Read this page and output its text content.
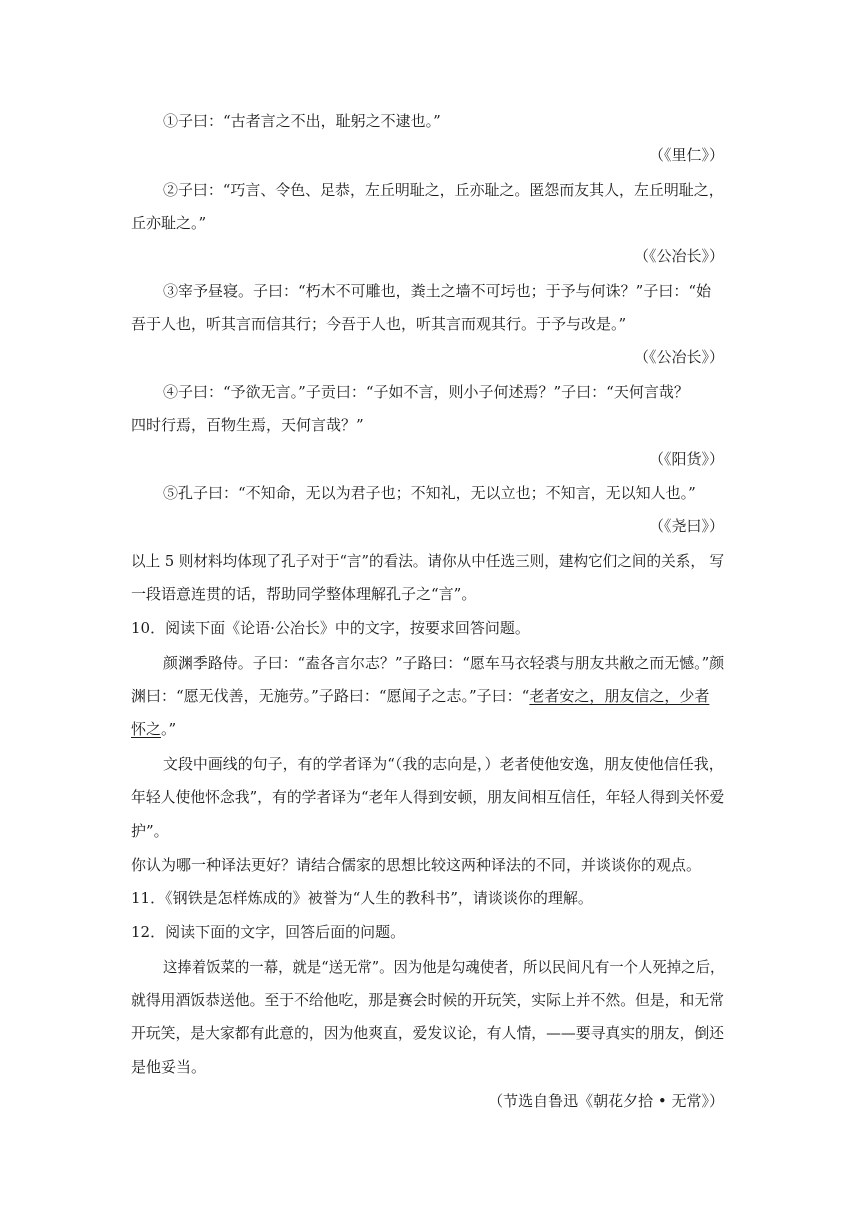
①子曰：“古者言之不出，耻躬之不逮也。”
（《里仁》）
②子曰：“巧言、令色、足恭，左丘明耻之，丘亦耻之。匿怨而友其人，左丘明耻之，
丘亦耻之。”
（《公冶长》）
③宰予昼寝。子曰：“朽木不可雕也，粪土之墙不可圬也；于予与何诛？”子曰：“始
吾于人也，听其言而信其行；今吾于人也，听其言而观其行。于予与改是。”
（《公冶长》）
④子曰：“予欲无言。”子贡曰：“子如不言，则小子何述焉？”子曰：“天何言哉？
四时行焉，百物生焉，天何言哉？”
（《阳货》）
⑤孔子曰：“不知命，无以为君子也；不知礼，无以立也；不知言，无以知人也。”
（《尧曰》）
以上 5 则材料均体现了孔子对于“言”的看法。请你从中任选三则，建构它们之间的关系， 写
一段语意连贯的话，帮助同学整体理解孔子之“言”。
10．阅读下面《论语·公冶长》中的文字，按要求回答问题。
颜渊季路侍。子曰：“盍各言尔志？”子路曰：“愿车马衣轻裘与朋友共敝之而无憾。”颜
渊曰：“愿无伐善，无施劳。”子路曰：“愿闻子之志。”子曰：“老者安之，朋友信之，少者
怀之。”
文段中画线的句子，有的学者译为“（我的志向是，）老者使他安逸，朋友使他信任我，
年轻人使他怀念我”，有的学者译为“老年人得到安顿，朋友间相互信任，年轻人得到关怀爱
护”。
你认为哪一种译法更好？请结合儒家的思想比较这两种译法的不同，并谈谈你的观点。
11．《钢铁是怎样炼成的》被誉为“人生的教科书”，请谈谈你的理解。
12．阅读下面的文字，回答后面的问题。
这捧着饭菜的一幕，就是“送无常”。因为他是勾魂使者，所以民间凡有一个人死掉之后，
就得用酒饭恭送他。至于不给他吃，那是赛会时候的开玩笑，实际上并不然。但是，和无常
开玩笑，是大家都有此意的，因为他爽直，爱发议论，有人情，——要寻真实的朋友，倒还
是他妥当。
（节选自鲁迅《朝花夕拾 • 无常》）
